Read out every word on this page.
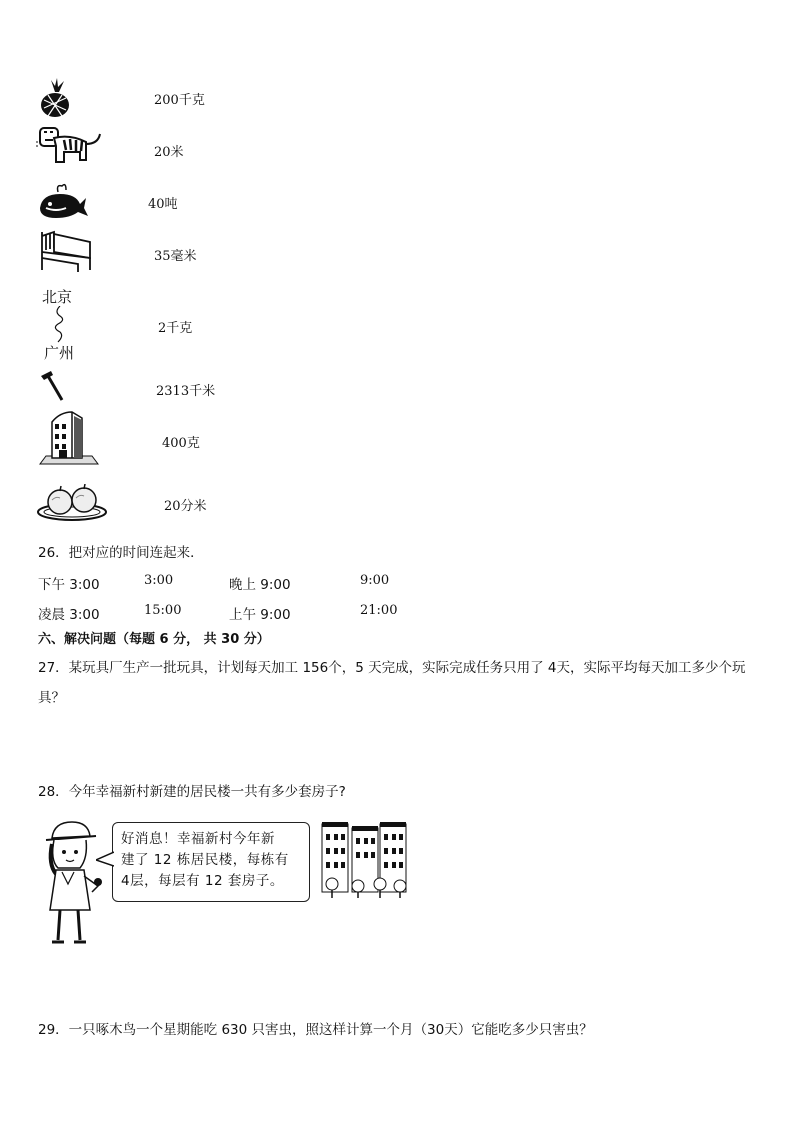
200千克
20米
40吨
35毫米
北京
广州
2千克
2313千米
400克
20分米
26．把对应的时间连起来．
下午 3:00	3:00	晚上 9:00	9:00
凌晨 3:00	15:00	上午 9:00	21:00
六、解决问题（每题 6 分， 共 30 分）
27．某玩具厂生产一批玩具，计划每天加工 156个，5 天完成，实际完成任务只用了 4天，实际平均每天加工多少个玩
具？
28．今年幸福新村新建的居民楼一共有多少套房子?

好消息！幸福新村今年新
建了 12 栋居民楼，每栋有
4层，每层有 12 套房子。

29．一只啄木鸟一个星期能吃 630 只害虫，照这样计算一个月（30天）它能吃多少只害虫？
